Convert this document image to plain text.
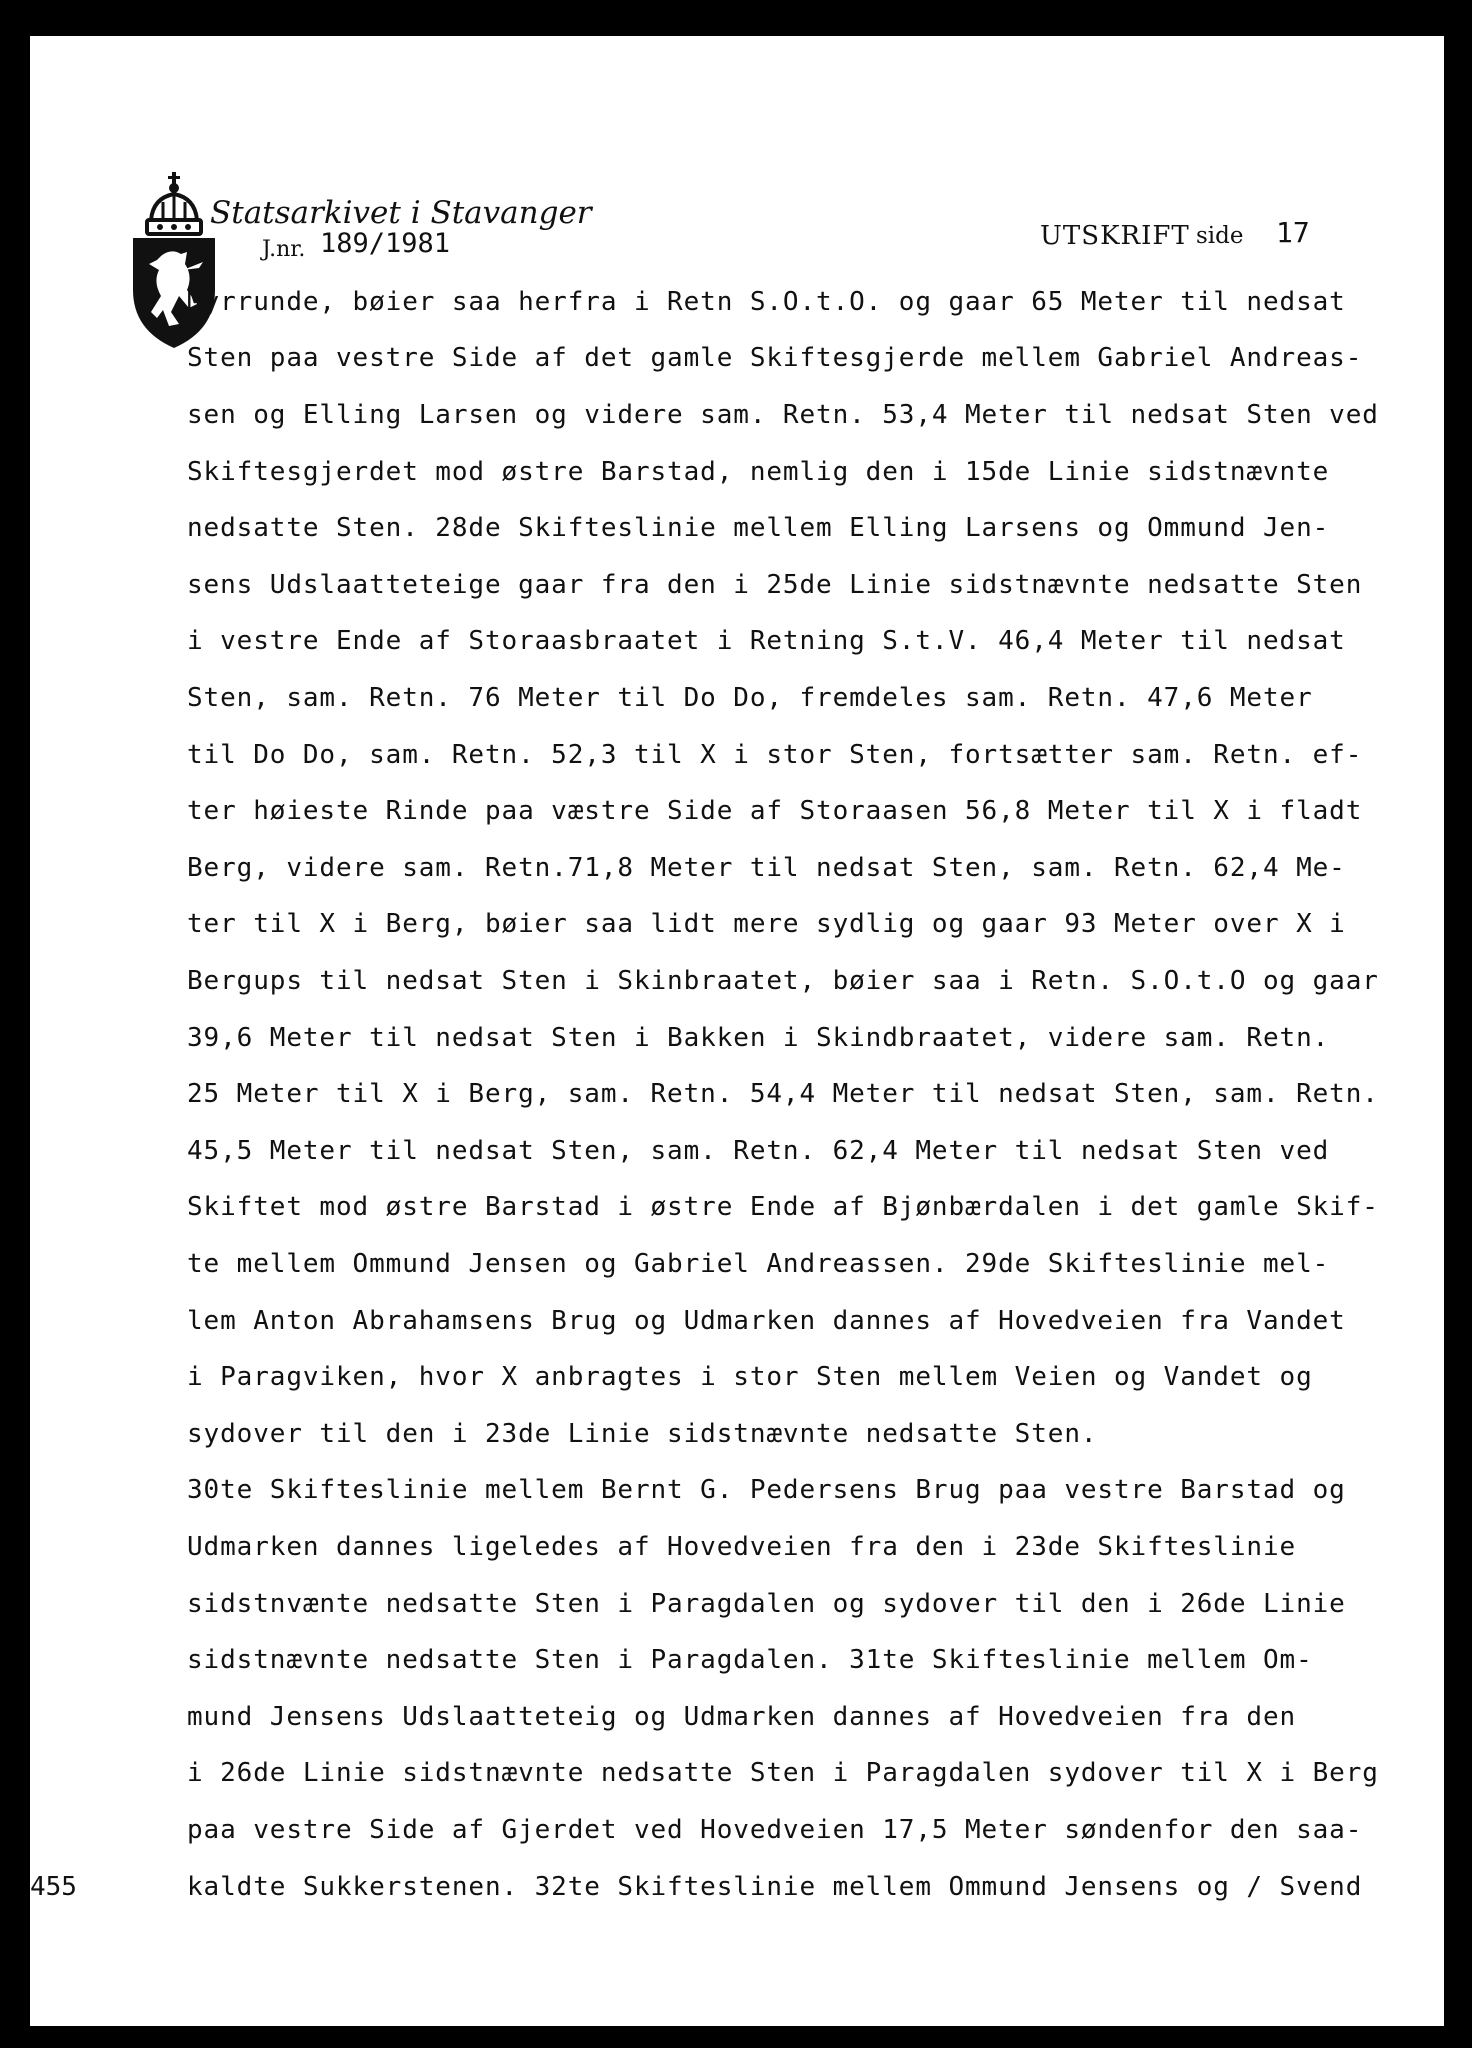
Statsarkivet i Stavanger
J.nr. 189/1981	UTSKRIFT side 17
Myrrunde, bøier saa herfra i Retn S.O.t.O. og gaar 65 Meter til nedsat
Sten paa vestre Side af det gamle Skiftesgjerde mellem Gabriel Andreas-
sen og Elling Larsen og videre sam. Retn. 53,4 Meter til nedsat Sten ved
Skiftesgjerdet mod østre Barstad, nemlig den i 15de Linie sidstnævnte
nedsatte Sten. 28de Skifteslinie mellem Elling Larsens og Ommund Jen-
sens Udslaatteteige gaar fra den i 25de Linie sidstnævnte nedsatte Sten
i vestre Ende af Storaasbraatet i Retning S.t.V. 46,4 Meter til nedsat
Sten, sam. Retn. 76 Meter til Do Do, fremdeles sam. Retn. 47,6 Meter
til Do Do, sam. Retn. 52,3 til X i stor Sten, fortsætter sam. Retn. ef-
ter høieste Rinde paa væstre Side af Storaasen 56,8 Meter til X i fladt
Berg, videre sam. Retn.71,8 Meter til nedsat Sten, sam. Retn. 62,4 Me-
ter til X i Berg, bøier saa lidt mere sydlig og gaar 93 Meter over X i
Bergups til nedsat Sten i Skinbraatet, bøier saa i Retn. S.O.t.O og gaar
39,6 Meter til nedsat Sten i Bakken i Skindbraatet, videre sam. Retn.
25 Meter til X i Berg, sam. Retn. 54,4 Meter til nedsat Sten, sam. Retn.
45,5 Meter til nedsat Sten, sam. Retn. 62,4 Meter til nedsat Sten ved
Skiftet mod østre Barstad i østre Ende af Bjønbærdalen i det gamle Skif-
te mellem Ommund Jensen og Gabriel Andreassen. 29de Skifteslinie mel-
lem Anton Abrahamsens Brug og Udmarken dannes af Hovedveien fra Vandet
i Paragviken, hvor X anbragtes i stor Sten mellem Veien og Vandet og
sydover til den i 23de Linie sidstnævnte nedsatte Sten.
30te Skifteslinie mellem Bernt G. Pedersens Brug paa vestre Barstad og
Udmarken dannes ligeledes af Hovedveien fra den i 23de Skifteslinie
sidstnvænte nedsatte Sten i Paragdalen og sydover til den i 26de Linie
sidstnævnte nedsatte Sten i Paragdalen. 31te Skifteslinie mellem Om-
mund Jensens Udslaatteteig og Udmarken dannes af Hovedveien fra den
i 26de Linie sidstnævnte nedsatte Sten i Paragdalen sydover til X i Berg
paa vestre Side af Gjerdet ved Hovedveien 17,5 Meter søndenfor den saa-
kaldte Sukkerstenen. 32te Skifteslinie mellem Ommund Jensens og / Svend
455
